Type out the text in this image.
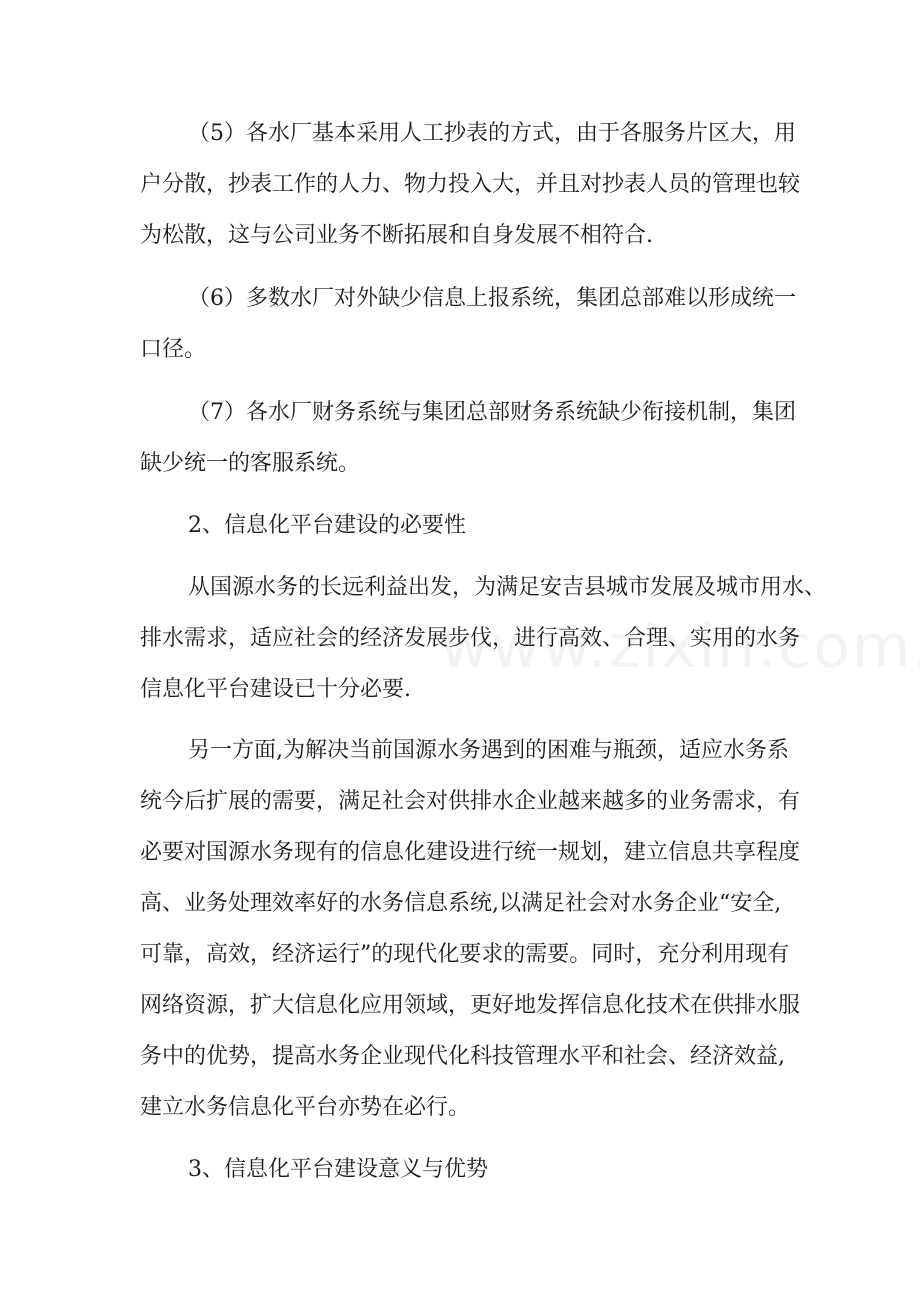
（5）各水厂基本采用人工抄表的方式，由于各服务片区大，用
户分散，抄表工作的人力、物力投入大，并且对抄表人员的管理也较
为松散，这与公司业务不断拓展和自身发展不相符合.
（6）多数水厂对外缺少信息上报系统，集团总部难以形成统一
口径。
（7）各水厂财务系统与集团总部财务系统缺少衔接机制，集团
缺少统一的客服系统。
2、信息化平台建设的必要性
从国源水务的长远利益出发，为满足安吉县城市发展及城市用水、
排水需求，适应社会的经济发展步伐，进行高效、合理、实用的水务
信息化平台建设已十分必要.
另一方面,为解决当前国源水务遇到的困难与瓶颈，适应水务系
统今后扩展的需要，满足社会对供排水企业越来越多的业务需求，有
必要对国源水务现有的信息化建设进行统一规划，建立信息共享程度
高、业务处理效率好的水务信息系统,以满足社会对水务企业“安全,
可靠，高效，经济运行”的现代化要求的需要。同时，充分利用现有
网络资源，扩大信息化应用领域，更好地发挥信息化技术在供排水服
务中的优势，提高水务企业现代化科技管理水平和社会、经济效益,
建立水务信息化平台亦势在必行。
3、信息化平台建设意义与优势
